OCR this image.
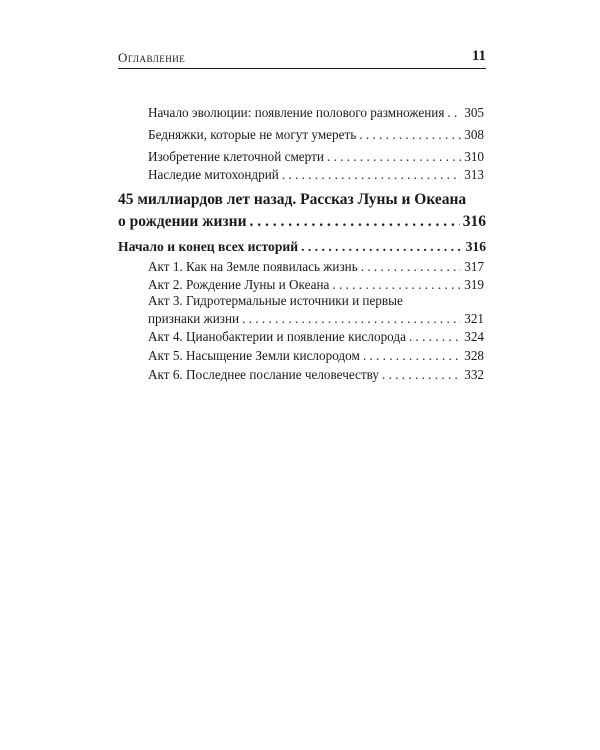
Оглавление	11
Начало эволюции: появление полового размножения . . . 305
Бедняжки, которые не могут умереть . . .	308
Изобретение клеточной смерти . . .	310
Наследие митохондрий . . .	313
45 миллиардов лет назад. Рассказ Луны и Океана
о рождении жизни . . .	316
Начало и конец всех историй . . .	316
Акт 1. Как на Земле появилась жизнь . . .	317
Акт 2. Рождение Луны и Океана . . .	319
Акт 3. Гидротермальные источники и первые
признаки жизни . . .	321
Акт 4. Цианобактерии и появление кислорода . . .	324
Акт 5. Насыщение Земли кислородом . . .	328
Акт 6. Последнее послание человечеству . . .	332
